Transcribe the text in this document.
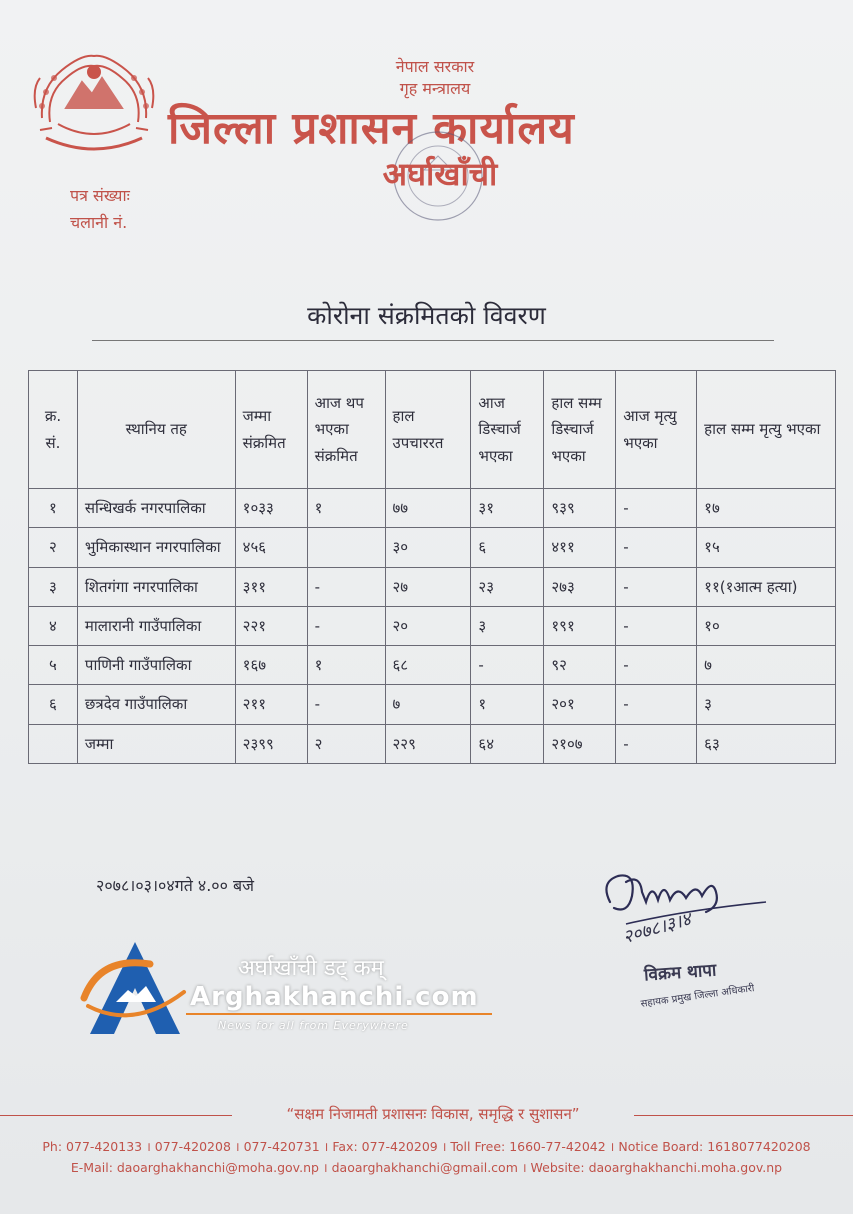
नेपाल सरकार
गृह मन्त्रालय
जिल्ला प्रशासन कार्यालय
अर्घाखाँची
पत्र संख्याः
चलानी नं.
कोरोना संक्रमितको विवरण
क्र. सं.	स्थानिय तह	जम्मा संक्रमित	आज थप भएका संक्रमित	हाल उपचाररत	आज डिस्चार्ज भएका	हाल सम्म डिस्चार्ज भएका	आज मृत्यु भएका	हाल सम्म मृत्यु भएका
१	सन्धिखर्क नगरपालिका	१०३३	१	७७	३१	९३९	-	१७
२	भुमिकास्थान नगरपालिका	४५६		३०	६	४११	-	१५
३	शितगंगा नगरपालिका	३११	-	२७	२३	२७३	-	११(१आत्म हत्या)
४	मालारानी गाउँपालिका	२२१	-	२०	३	१९१	-	१०
५	पाणिनी गाउँपालिका	१६७	१	६८	-	९२	-	७
६	छत्रदेव गाउँपालिका	२११	-	७	१	२०१	-	३
	जम्मा	२३९९	२	२२९	६४	२१०७	-	६३
२०७८।०३।०४गते ४.०० बजे
२०७८।३।४
विक्रम थापा
सहायक प्रमुख जिल्ला अधिकारी
अर्घाखाँची डट् कम्
Arghakhanchi.com
News for all from Everywhere
“सक्षम निजामती प्रशासनः विकास, समृद्धि र सुशासन”
Ph: 077-420133 । 077-420208 । 077-420731 । Fax: 077-420209 । Toll Free: 1660-77-42042 । Notice Board: 1618077420208
E-Mail: daoarghakhanchi@moha.gov.np । daoarghakhanchi@gmail.com । Website: daoarghakhanchi.moha.gov.np
